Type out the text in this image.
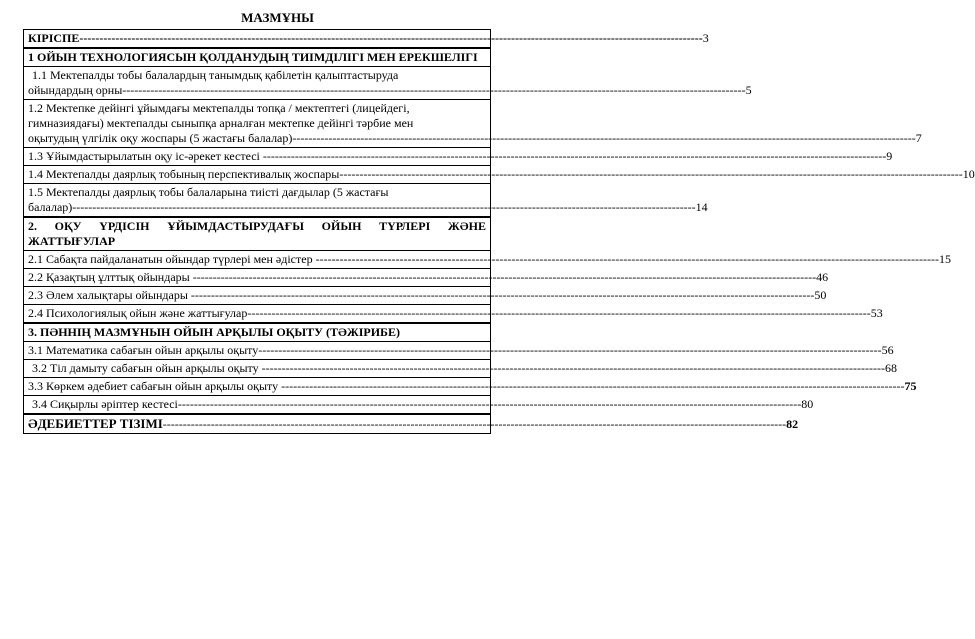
МАЗМҰНЫ
КІРІСПЕ ------------------------------------------------------------------------------------------------------------------------------------------------------------ 3

1 ОЙЫН ТЕХНОЛОГИЯСЫН ҚОЛДАНУДЫҢ ТИІМДІЛІГІ МЕН ЕРЕКШЕЛІГІ

1.1 Мектепалды тобы балалардың танымдық қабілетін қалыптастыруда
ойындардың орны ------------------------------------------------------------------------------------------------------------------------------------------------------------ 5

1.2 Мектепке дейінгі ұйымдағы мектепалды топқа / мектептегі (лицейдегі,
гимназиядағы) мектепалды сыныпқа арналған мектепке дейінгі тәрбие мен
оқытудың үлгілік оқу жоспары (5 жастағы балалар) ------------------------------------------------------------------------------------------------------------------------------------------------------------ 7

1.3 Ұйымдастырылатын оқу іс-әрекет кестесі ------------------------------------------------------------------------------------------------------------------------------------------------------------ 9

1.4 Мектепалды даярлық тобының перспективалық жоспары ------------------------------------------------------------------------------------------------------------------------------------------------------------ 10

1.5 Мектепалды даярлық тобы балаларына тиісті дағдылар (5 жастағы
балалар) ------------------------------------------------------------------------------------------------------------------------------------------------------------ 14

2. ОҚУ ҮРДІСІН ҰЙЫМДАСТЫРУДАҒЫ ОЙЫН ТҮРЛЕРІ ЖӘНЕ ЖАТТЫҒУЛАР

2.1 Сабақта пайдаланатын ойындар түрлері мен әдістер ------------------------------------------------------------------------------------------------------------------------------------------------------------ 15

2.2 Қазақтың ұлттық ойындары ------------------------------------------------------------------------------------------------------------------------------------------------------------ 46

2.3 Әлем халықтары ойындары ------------------------------------------------------------------------------------------------------------------------------------------------------------ 50

2.4 Психологиялық ойын және жаттығулар ------------------------------------------------------------------------------------------------------------------------------------------------------------ 53

3. ПӘННІҢ МАЗМҰНЫН ОЙЫН АРҚЫЛЫ ОҚЫТУ (ТӘЖІРИБЕ)

3.1 Математика сабағын ойын арқылы оқыту ------------------------------------------------------------------------------------------------------------------------------------------------------------ 56

3.2 Тіл дамыту сабағын ойын арқылы оқыту ------------------------------------------------------------------------------------------------------------------------------------------------------------ 68

3.3 Көркем әдебиет сабағын ойын арқылы оқыту ------------------------------------------------------------------------------------------------------------------------------------------------------------ 75

3.4 Сиқырлы әріптер кестесі ------------------------------------------------------------------------------------------------------------------------------------------------------------ 80

ӘДЕБИЕТТЕР ТІЗІМІ ------------------------------------------------------------------------------------------------------------------------------------------------------------ 82
